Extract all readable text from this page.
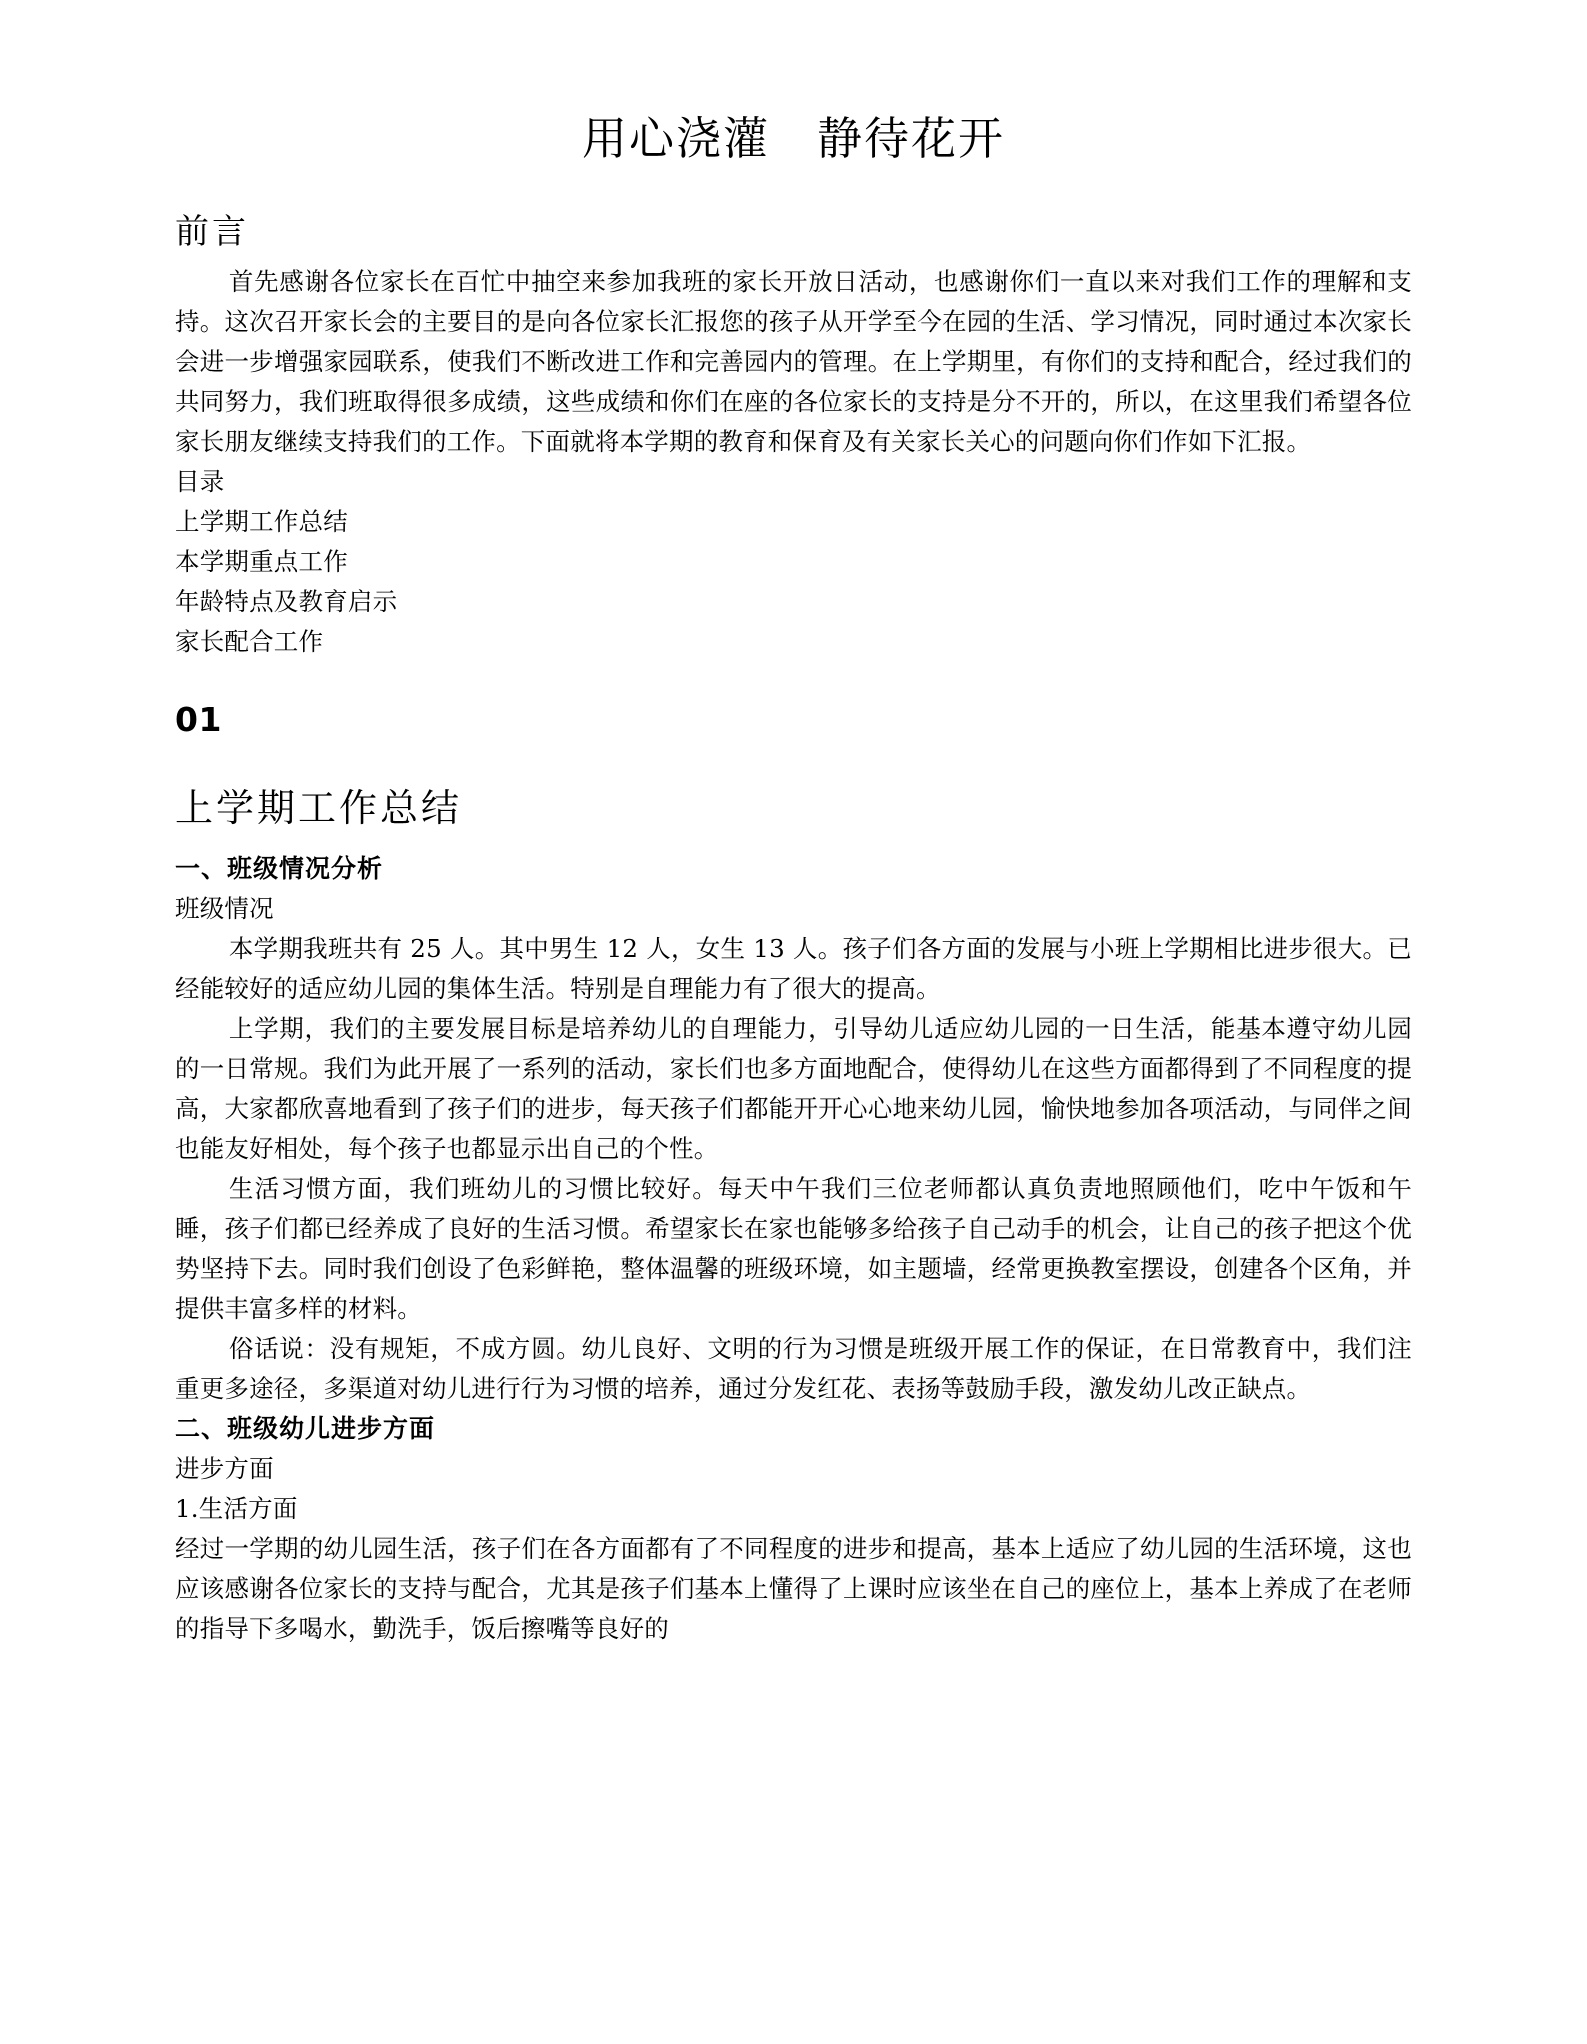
用心浇灌　静待花开
前言

首先感谢各位家长在百忙中抽空来参加我班的家长开放日活动，也感谢你们一直以来对我们工作的理解和支持。这次召开家长会的主要目的是向各位家长汇报您的孩子从开学至今在园的生活、学习情况，同时通过本次家长会进一步增强家园联系，使我们不断改进工作和完善园内的管理。在上学期里，有你们的支持和配合，经过我们的共同努力，我们班取得很多成绩，这些成绩和你们在座的各位家长的支持是分不开的，所以，在这里我们希望各位家长朋友继续支持我们的工作。下面就将本学期的教育和保育及有关家长关心的问题向你们作如下汇报。

目录
上学期工作总结
本学期重点工作
年龄特点及教育启示
家长配合工作
01
上学期工作总结
一、班级情况分析
班级情况

本学期我班共有 25 人。其中男生 12 人，女生 13 人。孩子们各方面的发展与小班上学期相比进步很大。已经能较好的适应幼儿园的集体生活。特别是自理能力有了很大的提高。

上学期，我们的主要发展目标是培养幼儿的自理能力，引导幼儿适应幼儿园的一日生活，能基本遵守幼儿园的一日常规。我们为此开展了一系列的活动，家长们也多方面地配合，使得幼儿在这些方面都得到了不同程度的提高，大家都欣喜地看到了孩子们的进步，每天孩子们都能开开心心地来幼儿园，愉快地参加各项活动，与同伴之间也能友好相处，每个孩子也都显示出自己的个性。

生活习惯方面，我们班幼儿的习惯比较好。每天中午我们三位老师都认真负责地照顾他们，吃中午饭和午睡，孩子们都已经养成了良好的生活习惯。希望家长在家也能够多给孩子自己动手的机会，让自己的孩子把这个优势坚持下去。同时我们创设了色彩鲜艳，整体温馨的班级环境，如主题墙，经常更换教室摆设，创建各个区角，并提供丰富多样的材料。

俗话说：没有规矩，不成方圆。幼儿良好、文明的行为习惯是班级开展工作的保证，在日常教育中，我们注重更多途径，多渠道对幼儿进行行为习惯的培养，通过分发红花、表扬等鼓励手段，激发幼儿改正缺点。

二、班级幼儿进步方面
进步方面
1.生活方面

经过一学期的幼儿园生活，孩子们在各方面都有了不同程度的进步和提高，基本上适应了幼儿园的生活环境，这也应该感谢各位家长的支持与配合，尤其是孩子们基本上懂得了上课时应该坐在自己的座位上，基本上养成了在老师的指导下多喝水，勤洗手，饭后擦嘴等良好的
